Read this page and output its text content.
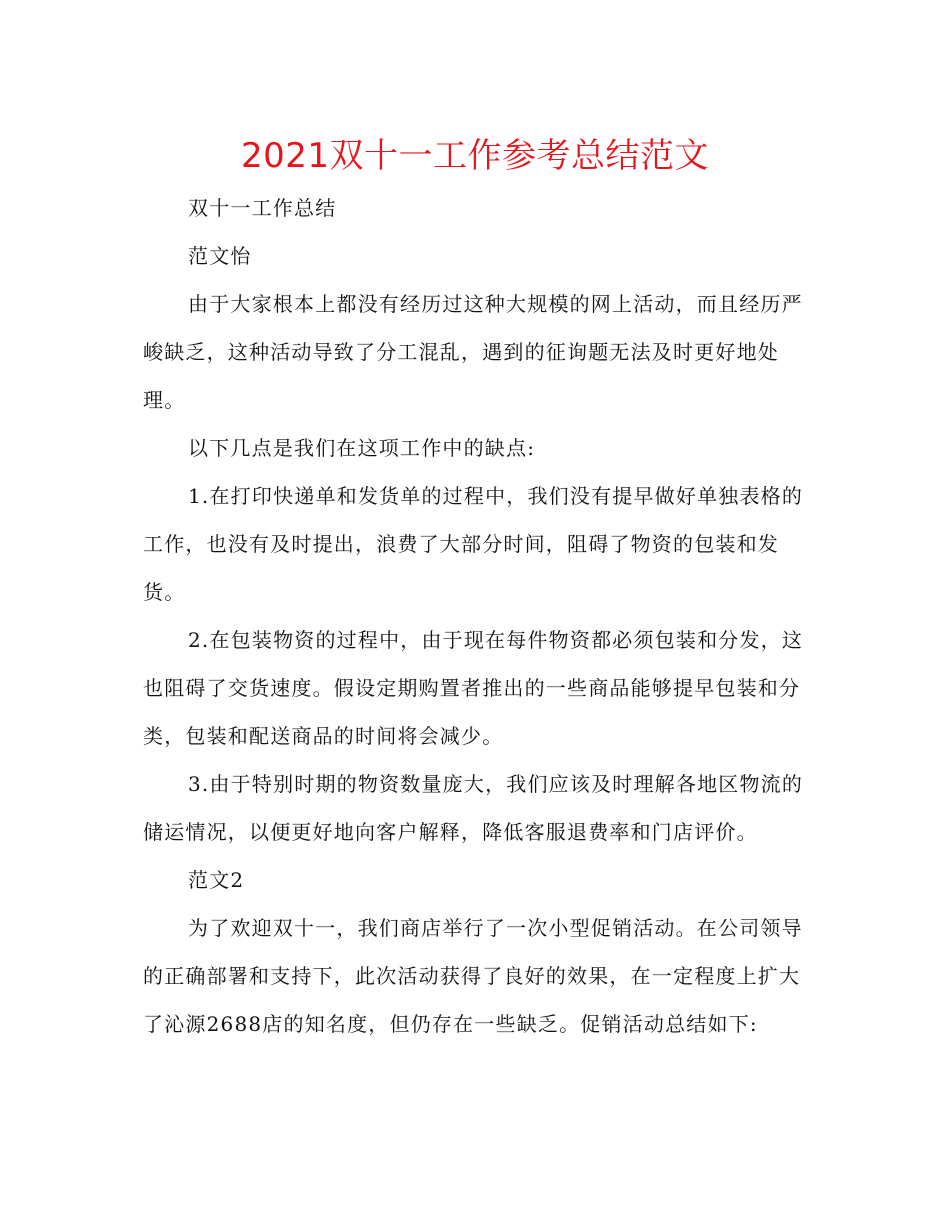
2021双十一工作参考总结范文

双十一工作总结

范文怡

由于大家根本上都没有经历过这种大规模的网上活动，而且经历严峻缺乏，这种活动导致了分工混乱，遇到的征询题无法及时更好地处理。

以下几点是我们在这项工作中的缺点:

1.在打印快递单和发货单的过程中，我们没有提早做好单独表格的工作，也没有及时提出，浪费了大部分时间，阻碍了物资的包装和发货。

2.在包装物资的过程中，由于现在每件物资都必须包装和分发，这也阻碍了交货速度。假设定期购置者推出的一些商品能够提早包装和分类，包装和配送商品的时间将会减少。

3.由于特别时期的物资数量庞大，我们应该及时理解各地区物流的储运情况，以便更好地向客户解释，降低客服退费率和门店评价。

范文2

为了欢迎双十一，我们商店举行了一次小型促销活动。在公司领导的正确部署和支持下，此次活动获得了良好的效果，在一定程度上扩大了沁源2688店的知名度，但仍存在一些缺乏。促销活动总结如下:
